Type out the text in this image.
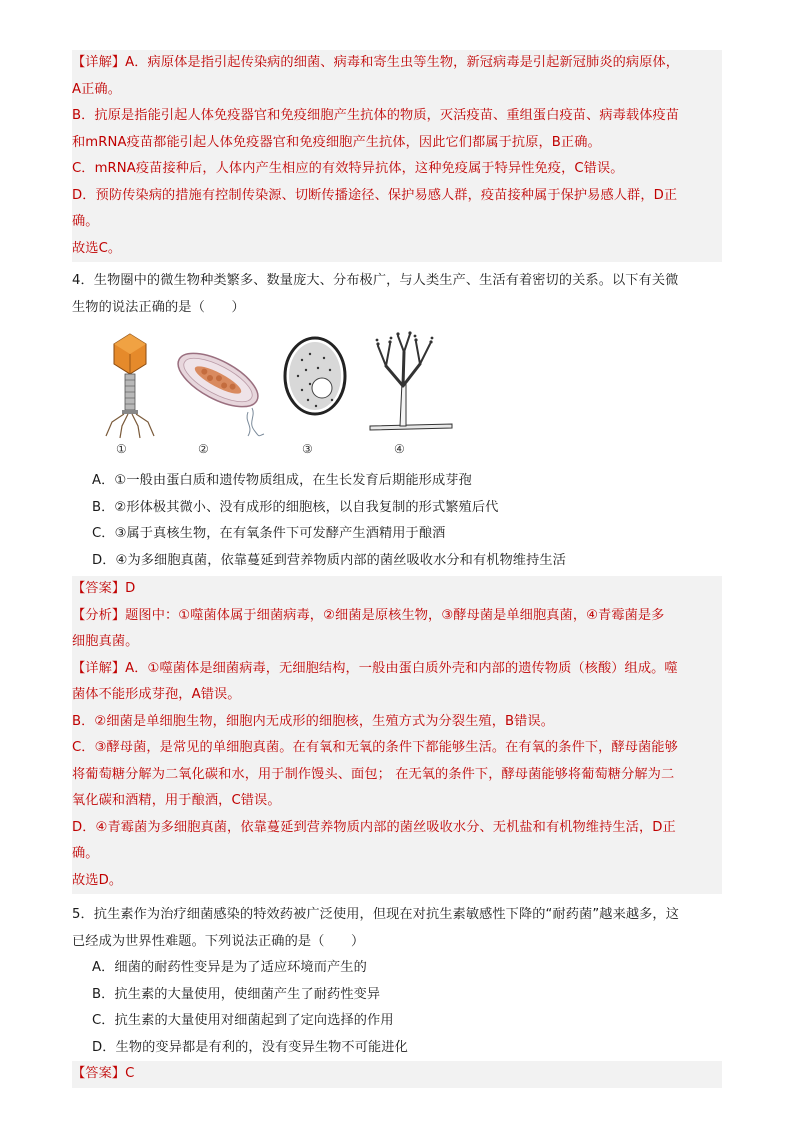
【详解】A．病原体是指引起传染病的细菌、病毒和寄生虫等生物，新冠病毒是引起新冠肺炎的病原体，
A正确。
B．抗原是指能引起人体免疫器官和免疫细胞产生抗体的物质，灭活疫苗、重组蛋白疫苗、病毒载体疫苗
和mRNA疫苗都能引起人体免疫器官和免疫细胞产生抗体，因此它们都属于抗原，B正确。
C．mRNA疫苗接种后，人体内产生相应的有效特异抗体，这种免疫属于特异性免疫，C错误。
D．预防传染病的措施有控制传染源、切断传播途径、保护易感人群，疫苗接种属于保护易感人群，D正
确。
故选C。
4．生物圈中的微生物种类繁多、数量庞大、分布极广，与人类生产、生活有着密切的关系。以下有关微
生物的说法正确的是（　　）
①	②	③	④
A．①一般由蛋白质和遗传物质组成，在生长发育后期能形成芽孢
B．②形体极其微小、没有成形的细胞核，以自我复制的形式繁殖后代
C．③属于真核生物，在有氧条件下可发酵产生酒精用于酿酒
D．④为多细胞真菌，依靠蔓延到营养物质内部的菌丝吸收水分和有机物维持生活
【答案】D
【分析】题图中：①噬菌体属于细菌病毒，②细菌是原核生物，③酵母菌是单细胞真菌，④青霉菌是多
细胞真菌。
【详解】A．①噬菌体是细菌病毒，无细胞结构，一般由蛋白质外壳和内部的遗传物质（核酸）组成。噬
菌体不能形成芽孢，A错误。
B．②细菌是单细胞生物，细胞内无成形的细胞核，生殖方式为分裂生殖，B错误。
C．③酵母菌，是常见的单细胞真菌。在有氧和无氧的条件下都能够生活。在有氧的条件下，酵母菌能够
将葡萄糖分解为二氧化碳和水，用于制作馒头、面包； 在无氧的条件下，酵母菌能够将葡萄糖分解为二
氧化碳和酒精，用于酿酒，C错误。
D．④青霉菌为多细胞真菌，依靠蔓延到营养物质内部的菌丝吸收水分、无机盐和有机物维持生活，D正
确。
故选D。
5．抗生素作为治疗细菌感染的特效药被广泛使用，但现在对抗生素敏感性下降的“耐药菌”越来越多，这
已经成为世界性难题。下列说法正确的是（　　）
A．细菌的耐药性变异是为了适应环境而产生的
B．抗生素的大量使用，使细菌产生了耐药性变异
C．抗生素的大量使用对细菌起到了定向选择的作用
D．生物的变异都是有利的，没有变异生物不可能进化
【答案】C
